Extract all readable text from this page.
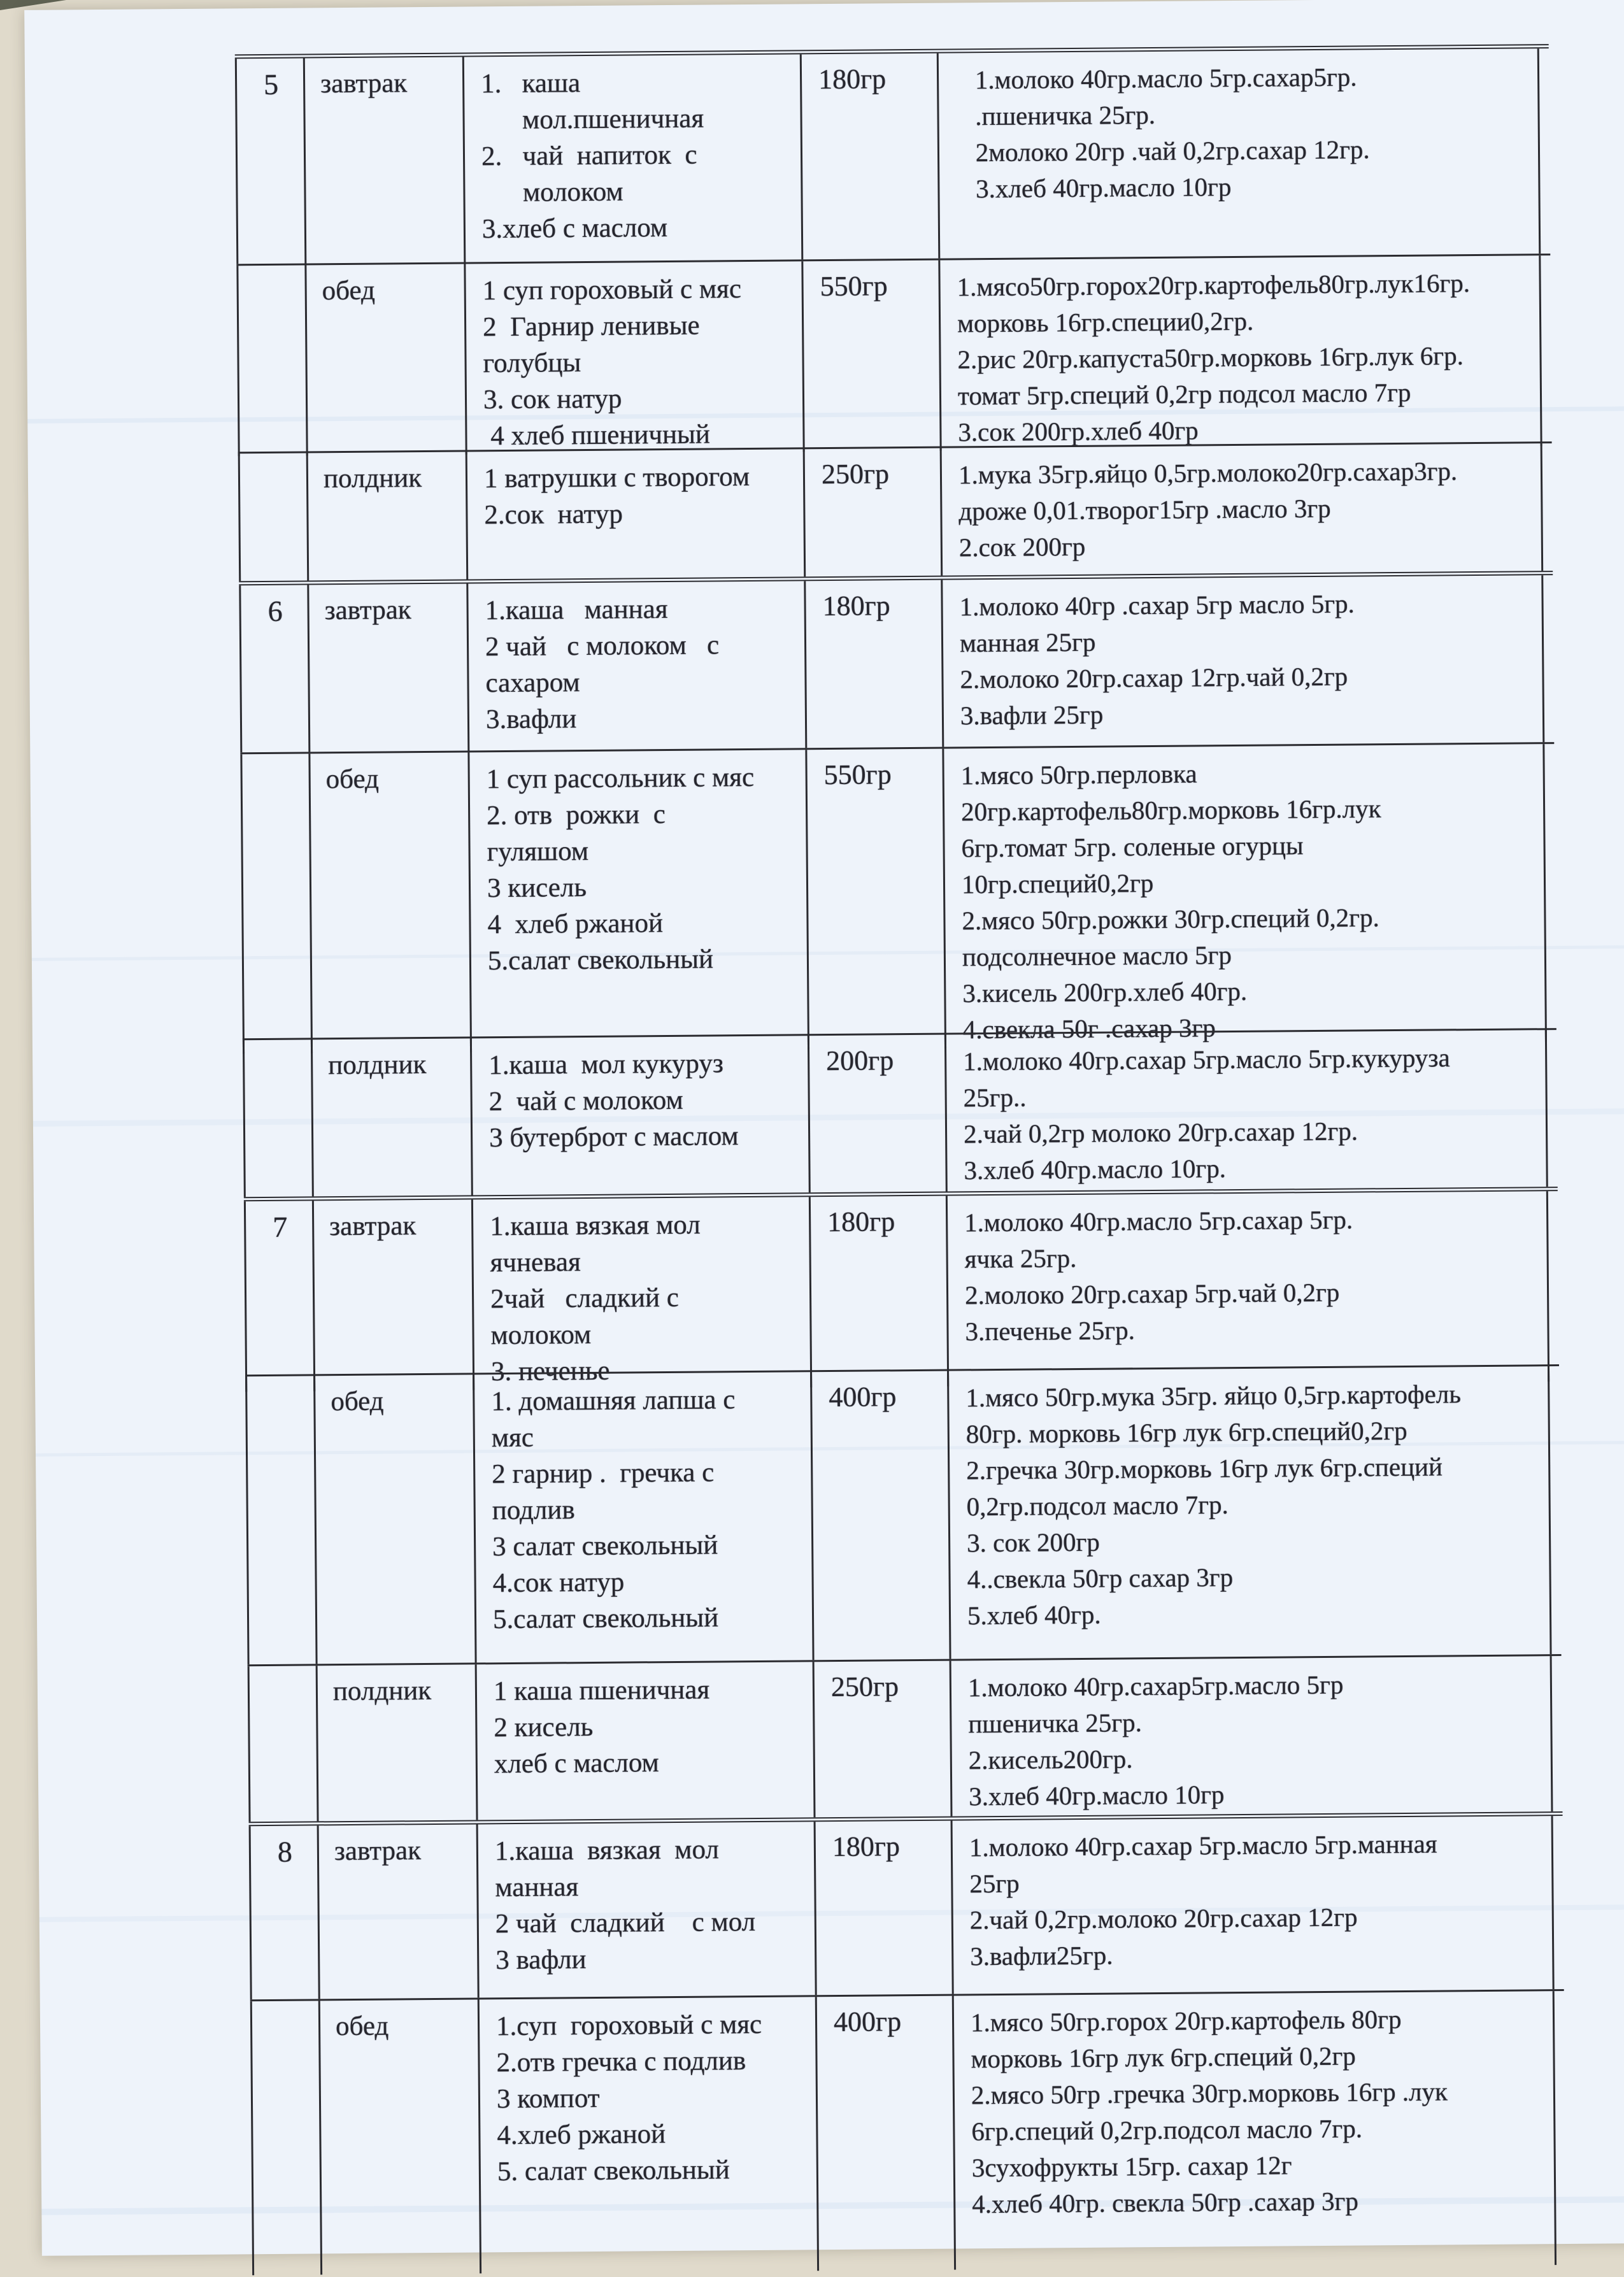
5	завтрак	1.   каша
мол.пшеничная
2.   чай  напиток  с
молоком
3.хлеб с маслом
180гр	1.молоко 40гр.масло 5гр.сахар5гр.
.пшеничка 25гр.
2молоко 20гр .чай 0,2гр.сахар 12гр.
3.хлеб 40гр.масло 10гр
обед	1 суп гороховый с мяс
2  Гарнир ленивые
голубцы
3. сок натур
4 хлеб пшеничный
550гр	1.мясо50гр.горох20гр.картофель80гр.лук16гр.
морковь 16гр.специи0,2гр.
2.рис 20гр.капуста50гр.морковь 16гр.лук 6гр.
томат 5гр.специй 0,2гр подсол масло 7гр
3.сок 200гр.хлеб 40гр
полдник	1 ватрушки с творогом
2.сок  натур
250гр	1.мука 35гр.яйцо 0,5гр.молоко20гр.сахар3гр.
дроже 0,01.творог15гр .масло 3гр
2.сок 200гр
6	завтрак	1.каша   манная
2 чай   с молоком   с
сахаром
3.вафли
180гр	1.молоко 40гр .сахар 5гр масло 5гр.
манная 25гр
2.молоко 20гр.сахар 12гр.чай 0,2гр
3.вафли 25гр
обед	1 суп рассольник с мяс
2. отв  рожки  с
гуляшом
3 кисель
4  хлеб ржаной
5.салат свекольный
550гр	1.мясо 50гр.перловка
20гр.картофель80гр.морковь 16гр.лук
6гр.томат 5гр. соленые огурцы
10гр.специй0,2гр
2.мясо 50гр.рожки 30гр.специй 0,2гр.
подсолнечное масло 5гр
3.кисель 200гр.хлеб 40гр.
4.свекла 50г .сахар 3гр
полдник	1.каша  мол кукуруз
2  чай с молоком
3 бутерброт с маслом
200гр	1.молоко 40гр.сахар 5гр.масло 5гр.кукуруза
25гр..
2.чай 0,2гр молоко 20гр.сахар 12гр.
3.хлеб 40гр.масло 10гр.
7	завтрак	1.каша вязкая мол
ячневая
2чай   сладкий с
молоком
3. печенье
180гр	1.молоко 40гр.масло 5гр.сахар 5гр.
ячка 25гр.
2.молоко 20гр.сахар 5гр.чай 0,2гр
3.печенье 25гр.
обед	1. домашняя лапша с
мяс
2 гарнир .  гречка с
подлив
3 салат свекольный
4.сок натур
5.салат свекольный
400гр	1.мясо 50гр.мука 35гр. яйцо 0,5гр.картофель
80гр. морковь 16гр лук 6гр.специй0,2гр
2.гречка 30гр.морковь 16гр лук 6гр.специй
0,2гр.подсол масло 7гр.
3. сок 200гр
4..свекла 50гр сахар 3гр
5.хлеб 40гр.
полдник	1 каша пшеничная
2 кисель
хлеб с маслом
250гр	1.молоко 40гр.сахар5гр.масло 5гр
пшеничка 25гр.
2.кисель200гр.
3.хлеб 40гр.масло 10гр
8	завтрак	1.каша  вязкая  мол
манная
2 чай  сладкий    с мол
3 вафли
180гр	1.молоко 40гр.сахар 5гр.масло 5гр.манная
25гр
2.чай 0,2гр.молоко 20гр.сахар 12гр
3.вафли25гр.
обед	1.суп  гороховый с мяс
2.отв гречка с подлив
3 компот
4.хлеб ржаной
5. салат свекольный
400гр	1.мясо 50гр.горох 20гр.картофель 80гр
морковь 16гр лук 6гр.специй 0,2гр
2.мясо 50гр .гречка 30гр.морковь 16гр .лук
6гр.специй 0,2гр.подсол масло 7гр.
3сухофрукты 15гр. сахар 12г
4.хлеб 40гр. свекла 50гр .сахар 3гр
